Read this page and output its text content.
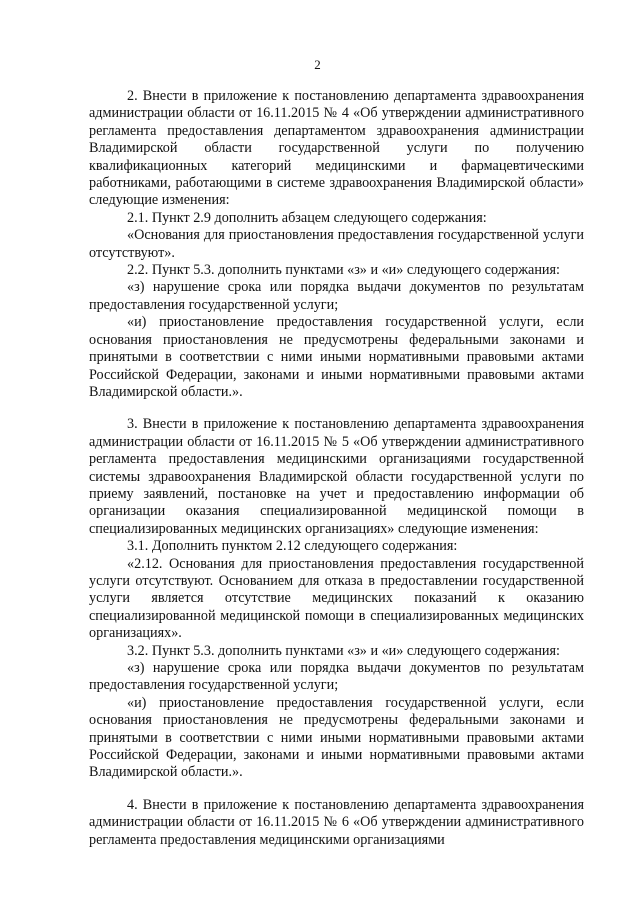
2

2. Внести в приложение к постановлению департамента здравоохранения администрации области от 16.11.2015 № 4 «Об утверждении административного регламента предоставления департаментом здравоохранения администрации Владимирской области государственной услуги по получению квалификационных категорий медицинскими и фармацевтическими работниками, работающими в системе здравоохранения Владимирской области» следующие изменения:

2.1. Пункт 2.9 дополнить абзацем следующего содержания:

«Основания для приостановления предоставления государственной услуги отсутствуют».

2.2. Пункт 5.3. дополнить пунктами «з» и «и» следующего содержания:

«з) нарушение срока или порядка выдачи документов по результатам предоставления государственной услуги;

«и) приостановление предоставления государственной услуги, если основания приостановления не предусмотрены федеральными законами и принятыми в соответствии с ними иными нормативными правовыми актами Российской Федерации, законами и иными нормативными правовыми актами Владимирской области.».

3. Внести в приложение к постановлению департамента здравоохранения администрации области от 16.11.2015 № 5 «Об утверждении административного регламента предоставления медицинскими организациями государственной системы здравоохранения Владимирской области государственной услуги по приему заявлений, постановке на учет и предоставлению информации об организации оказания специализированной медицинской помощи в специализированных медицинских организациях» следующие изменения:

3.1. Дополнить пунктом 2.12 следующего содержания:

«2.12. Основания для приостановления предоставления государственной услуги отсутствуют. Основанием для отказа в предоставлении государственной услуги является отсутствие медицинских показаний к оказанию специализированной медицинской помощи в специализированных медицинских организациях».

3.2. Пункт 5.3. дополнить пунктами «з» и «и» следующего содержания:

«з) нарушение срока или порядка выдачи документов по результатам предоставления государственной услуги;

«и) приостановление предоставления государственной услуги, если основания приостановления не предусмотрены федеральными законами и принятыми в соответствии с ними иными нормативными правовыми актами Российской Федерации, законами и иными нормативными правовыми актами Владимирской области.».

4. Внести в приложение к постановлению департамента здравоохранения администрации области от 16.11.2015 № 6 «Об утверждении административного регламента предоставления медицинскими организациями
